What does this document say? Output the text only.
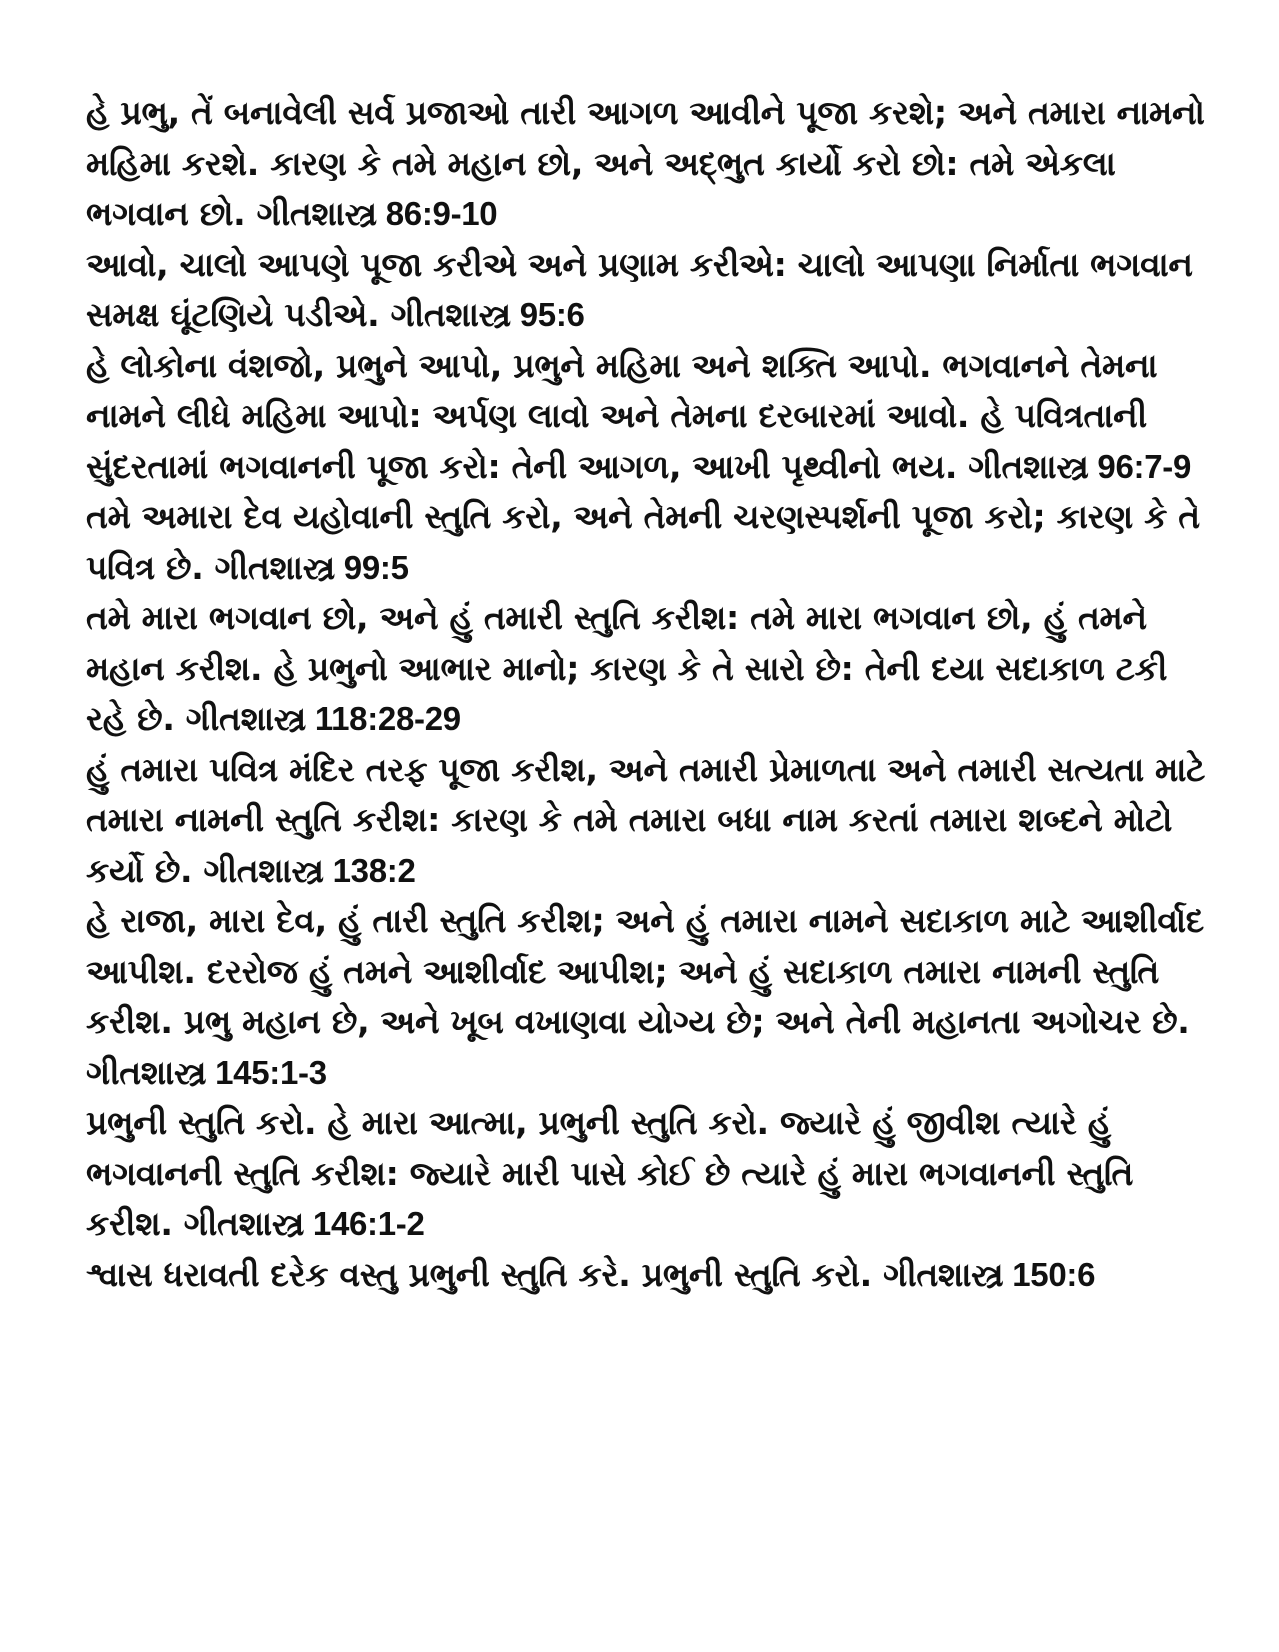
હે પ્રભુ, તેં બનાવેલી સર્વ પ્રજાઓ તારી આગળ આવીને પૂજા કરશે; અને તમારા નામનો મહિમા કરશે. કારણ કે તમે મહાન છો, અને અદ્ભુત કાર્યો કરો છો: તમે એકલા ભગવાન છો. ગીતશાસ્ત્ર 86:9-10

આવો, ચાલો આપણે પૂજા કરીએ અને પ્રણામ કરીએ: ચાલો આપણા નિર્માતા ભગવાન સમક્ષ ઘૂંટણિયે પડીએ. ગીતશાસ્ત્ર 95:6

હે લોકોના વંશજો, પ્રભુને આપો, પ્રભુને મહિમા અને શક્તિ આપો. ભગવાનને તેમના નામને લીધે મહિમા આપો: અર્પણ લાવો અને તેમના દરબારમાં આવો. હે પવિત્રતાની સુંદરતામાં ભગવાનની પૂજા કરો: તેની આગળ, આખી પૃથ્વીનો ભય. ગીતશાસ્ત્ર 96:7-9

તમે અમારા દેવ યહોવાની સ્તુતિ કરો, અને તેમની ચરણસ્પર્શની પૂજા કરો; કારણ કે તે પવિત્ર છે. ગીતશાસ્ત્ર 99:5

તમે મારા ભગવાન છો, અને હું તમારી સ્તુતિ કરીશ: તમે મારા ભગવાન છો, હું તમને મહાન કરીશ. હે પ્રભુનો આભાર માનો; કારણ કે તે સારો છે: તેની દયા સદાકાળ ટકી રહે છે. ગીતશાસ્ત્ર 118:28-29

હું તમારા પવિત્ર મંદિર તરફ પૂજા કરીશ, અને તમારી પ્રેમાળતા અને તમારી સત્યતા માટે તમારા નામની સ્તુતિ કરીશ: કારણ કે તમે તમારા બધા નામ કરતાં તમારા શબ્દને મોટો કર્યો છે. ગીતશાસ્ત્ર 138:2

હે રાજા, મારા દેવ, હું તારી સ્તુતિ કરીશ; અને હું તમારા નામને સદાકાળ માટે આશીર્વાદ આપીશ. દરરોજ હું તમને આશીર્વાદ આપીશ; અને હું સદાકાળ તમારા નામની સ્તુતિ કરીશ. પ્રભુ મહાન છે, અને ખૂબ વખાણવા યોગ્ય છે; અને તેની મહાનતા અગોચર છે. ગીતશાસ્ત્ર 145:1-3

પ્રભુની સ્તુતિ કરો. હે મારા આત્મા, પ્રભુની સ્તુતિ કરો. જ્યારે હું જીવીશ ત્યારે હું ભગવાનની સ્તુતિ કરીશ: જ્યારે મારી પાસે કોઈ છે ત્યારે હું મારા ભગવાનની સ્તુતિ કરીશ. ગીતશાસ્ત્ર 146:1-2

શ્વાસ ધરાવતી દરેક વસ્તુ પ્રભુની સ્તુતિ કરે. પ્રભુની સ્તુતિ કરો. ગીતશાસ્ત્ર 150:6
